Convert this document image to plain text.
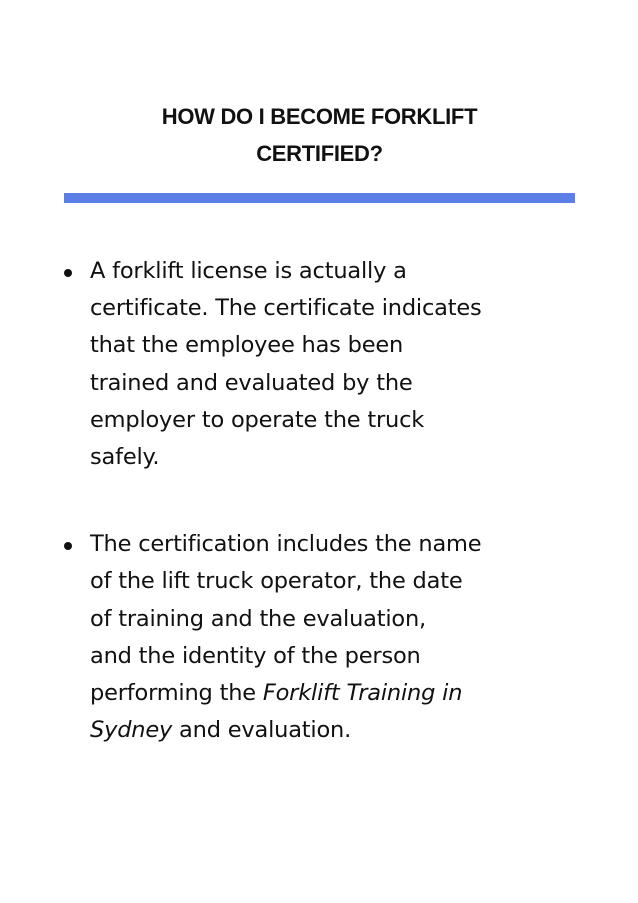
HOW DO I BECOME FORKLIFT
CERTIFIED?
A forklift license is actually a
certificate. The certificate indicates
that the employee has been
trained and evaluated by the
employer to operate the truck
safely.
The certification includes the name
of the lift truck operator, the date
of training and the evaluation,
and the identity of the person
performing the Forklift Training in
Sydney and evaluation.
